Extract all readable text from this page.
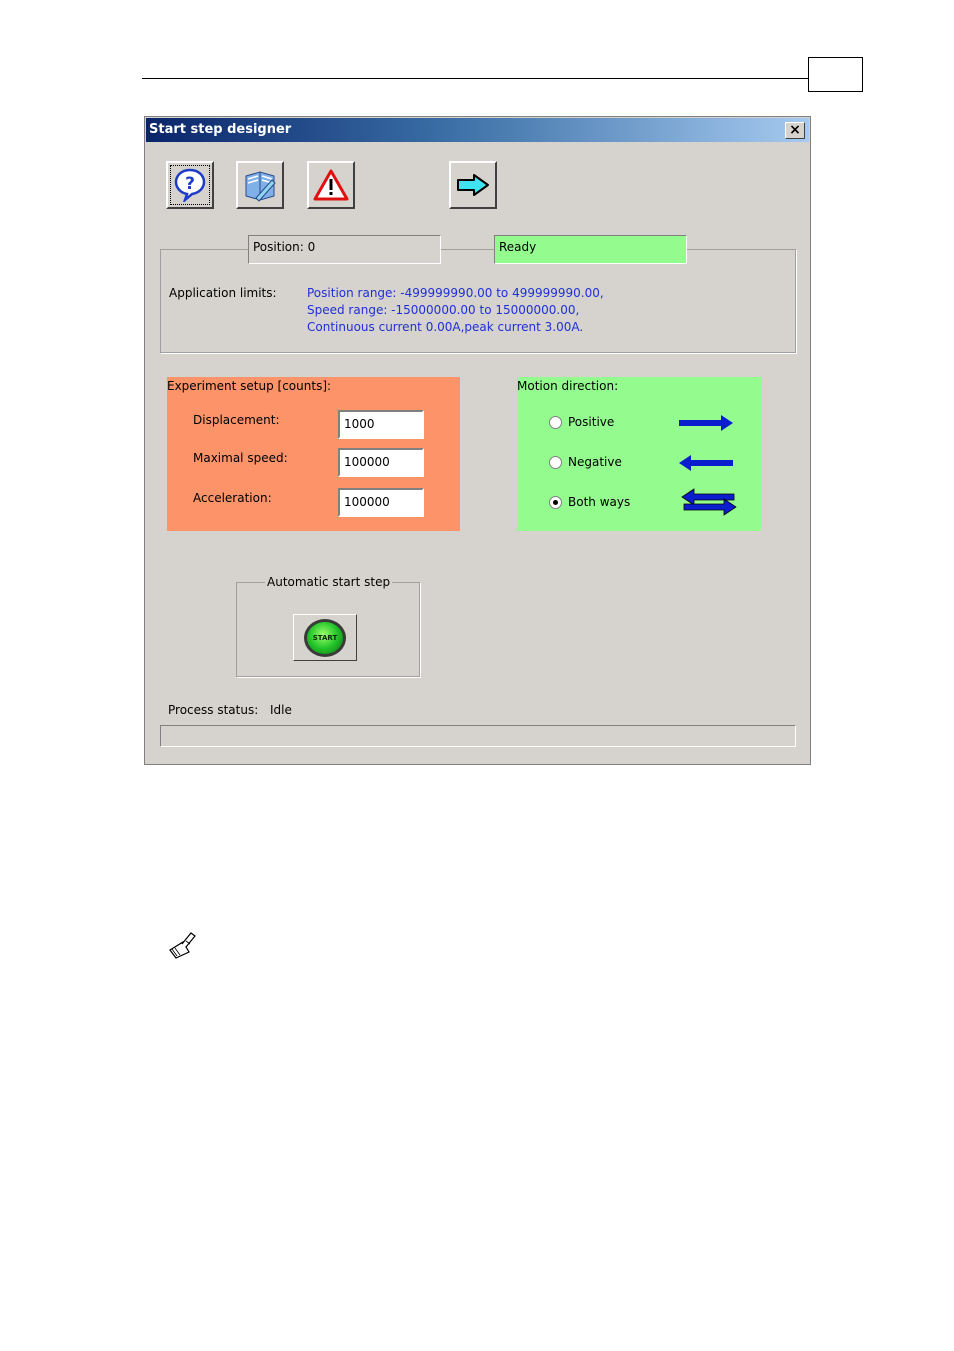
Start step designer	×
?
Position: 0	Ready
Application limits:	Position range: -499999990.00 to 499999990.00,
Speed range: -15000000.00 to 15000000.00,
Continuous current 0.00A,peak current 3.00A.
Experiment setup [counts]:
Displacement:	1000
Maximal speed:	100000
Acceleration:	100000
Motion direction:
Positive
Negative
Both ways
Automatic start step
START
Process status: Idle
